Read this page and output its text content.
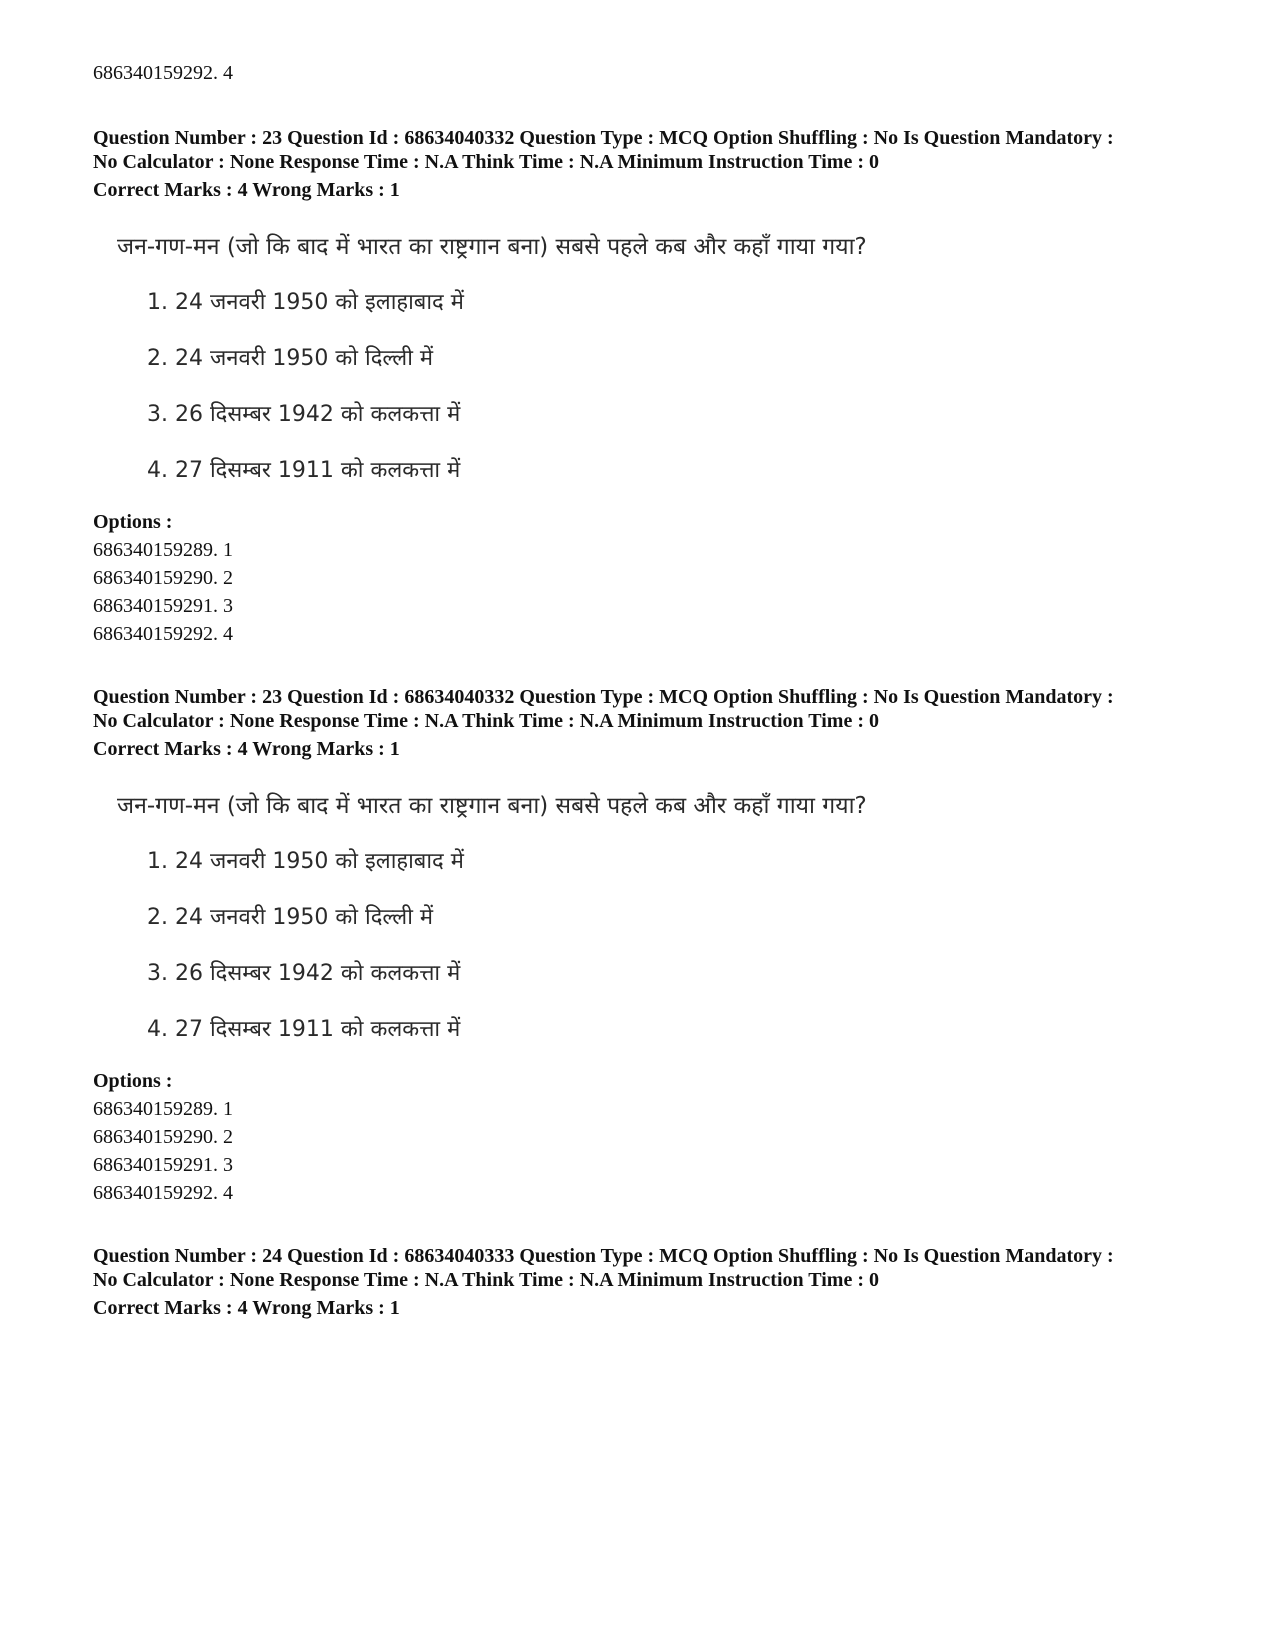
686340159292. 4
Question Number : 23 Question Id : 68634040332 Question Type : MCQ Option Shuffling : No Is Question Mandatory :
No Calculator : None Response Time : N.A Think Time : N.A Minimum Instruction Time : 0
Correct Marks : 4 Wrong Marks : 1
जन-गण-मन (जो कि बाद में भारत का राष्ट्रगान बना) सबसे पहले कब और कहाँ गाया गया?
1. 24 जनवरी 1950 को इलाहाबाद में
2. 24 जनवरी 1950 को दिल्ली में
3. 26 दिसम्बर 1942 को कलकत्ता में
4. 27 दिसम्बर 1911 को कलकत्ता में
Options :
686340159289. 1
686340159290. 2
686340159291. 3
686340159292. 4
Question Number : 23 Question Id : 68634040332 Question Type : MCQ Option Shuffling : No Is Question Mandatory :
No Calculator : None Response Time : N.A Think Time : N.A Minimum Instruction Time : 0
Correct Marks : 4 Wrong Marks : 1
जन-गण-मन (जो कि बाद में भारत का राष्ट्रगान बना) सबसे पहले कब और कहाँ गाया गया?
1. 24 जनवरी 1950 को इलाहाबाद में
2. 24 जनवरी 1950 को दिल्ली में
3. 26 दिसम्बर 1942 को कलकत्ता में
4. 27 दिसम्बर 1911 को कलकत्ता में
Options :
686340159289. 1
686340159290. 2
686340159291. 3
686340159292. 4
Question Number : 24 Question Id : 68634040333 Question Type : MCQ Option Shuffling : No Is Question Mandatory :
No Calculator : None Response Time : N.A Think Time : N.A Minimum Instruction Time : 0
Correct Marks : 4 Wrong Marks : 1
